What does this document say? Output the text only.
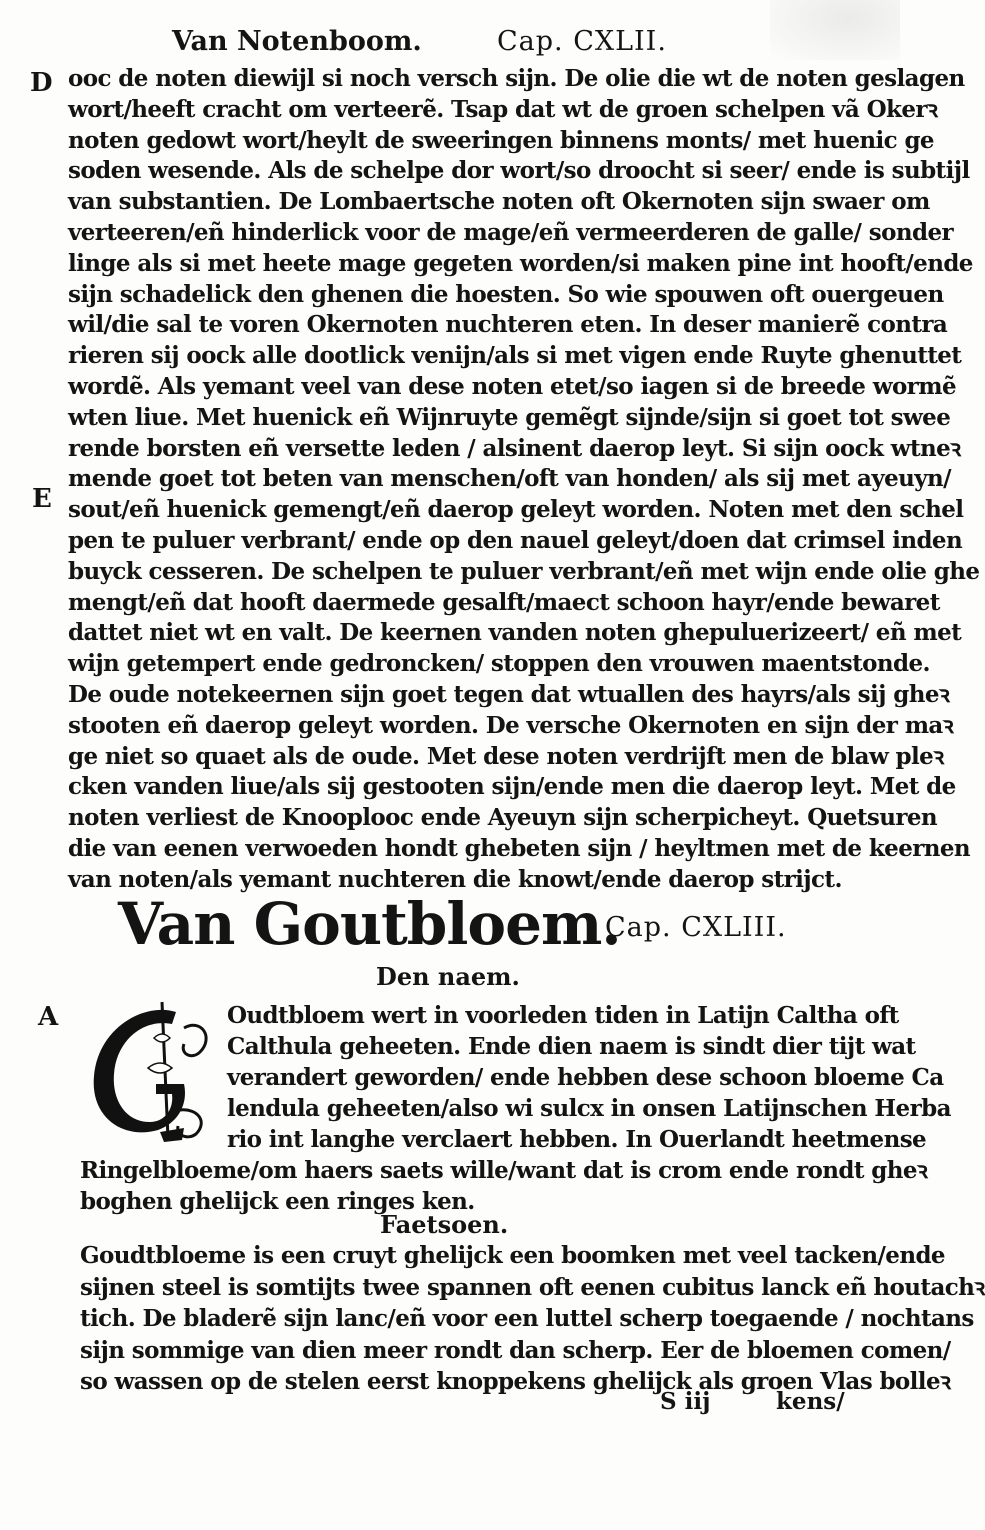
Van Notenboom.	Cap. CXLII.
D
E
ooc de noten diewijl si noch versch sijn. De olie die wt de noten geslagen
wort/heeft cracht om verteerẽ. Tsap dat wt de groen schelpen vã Okerꝛ
noten gedowt wort/heylt de sweeringen binnens monts/ met huenic ge
soden wesende. Als de schelpe dor wort/so droocht si seer/ ende is subtijl
van substantien. De Lombaertsche noten oft Okernoten sijn swaer om
verteeren/eñ hinderlick voor de mage/eñ vermeerderen de galle/ sonder
linge als si met heete mage gegeten worden/si maken pine int hooft/ende
sijn schadelick den ghenen die hoesten. So wie spouwen oft ouergeuen
wil/die sal te voren Okernoten nuchteren eten. In deser manierẽ contra
rieren sij oock alle dootlick venijn/als si met vigen ende Ruyte ghenuttet
wordẽ. Als yemant veel van dese noten etet/so iagen si de breede wormẽ
wten liue. Met huenick eñ Wijnruyte gemẽgt sijnde/sijn si goet tot swee
rende borsten eñ versette leden / alsinent daerop leyt. Si sijn oock wtneꝛ
mende goet tot beten van menschen/oft van honden/ als sij met ayeuyn/
sout/eñ huenick gemengt/eñ daerop geleyt worden. Noten met den schel
pen te puluer verbrant/ ende op den nauel geleyt/doen dat crimsel inden
buyck cesseren. De schelpen te puluer verbrant/eñ met wijn ende olie ghe
mengt/eñ dat hooft daermede gesalft/maect schoon hayr/ende bewaret
dattet niet wt en valt. De keernen vanden noten ghepuluerizeert/ eñ met
wijn getempert ende gedroncken/ stoppen den vrouwen maentstonde.
De oude notekeernen sijn goet tegen dat wtuallen des hayrs/als sij gheꝛ
stooten eñ daerop geleyt worden. De versche Okernoten en sijn der maꝛ
ge niet so quaet als de oude. Met dese noten verdrijft men de blaw pleꝛ
cken vanden liue/als sij gestooten sijn/ende men die daerop leyt. Met de
noten verliest de Knooplooc ende Ayeuyn sijn scherpicheyt. Quetsuren
die van eenen verwoeden hondt ghebeten sijn / heyltmen met de keernen
van noten/als yemant nuchteren die knowt/ende daerop strijct.
Van Goutbloem.
Cap. CXLIII.
Den naem.
A	Oudtbloem wert in voorleden tiden in Latijn Caltha oft
Calthula geheeten. Ende dien naem is sindt dier tijt wat
verandert geworden/ ende hebben dese schoon bloeme Ca
lendula geheeten/also wi sulcx in onsen Latijnschen Herba
rio int langhe verclaert hebben. In Ouerlandt heetmense
Ringelbloeme/om haers saets wille/want dat is crom ende rondt gheꝛ
boghen ghelijck een ringes ken.
Faetsoen.
Goudtbloeme is een cruyt ghelijck een boomken met veel tacken/ende
sijnen steel is somtijts twee spannen oft eenen cubitus lanck eñ houtachꝛ
tich. De bladerẽ sijn lanc/eñ voor een luttel scherp toegaende / nochtans
sijn sommige van dien meer rondt dan scherp. Eer de bloemen comen/
so wassen op de stelen eerst knoppekens ghelijck als groen Vlas bolleꝛ
S iij	kens/
